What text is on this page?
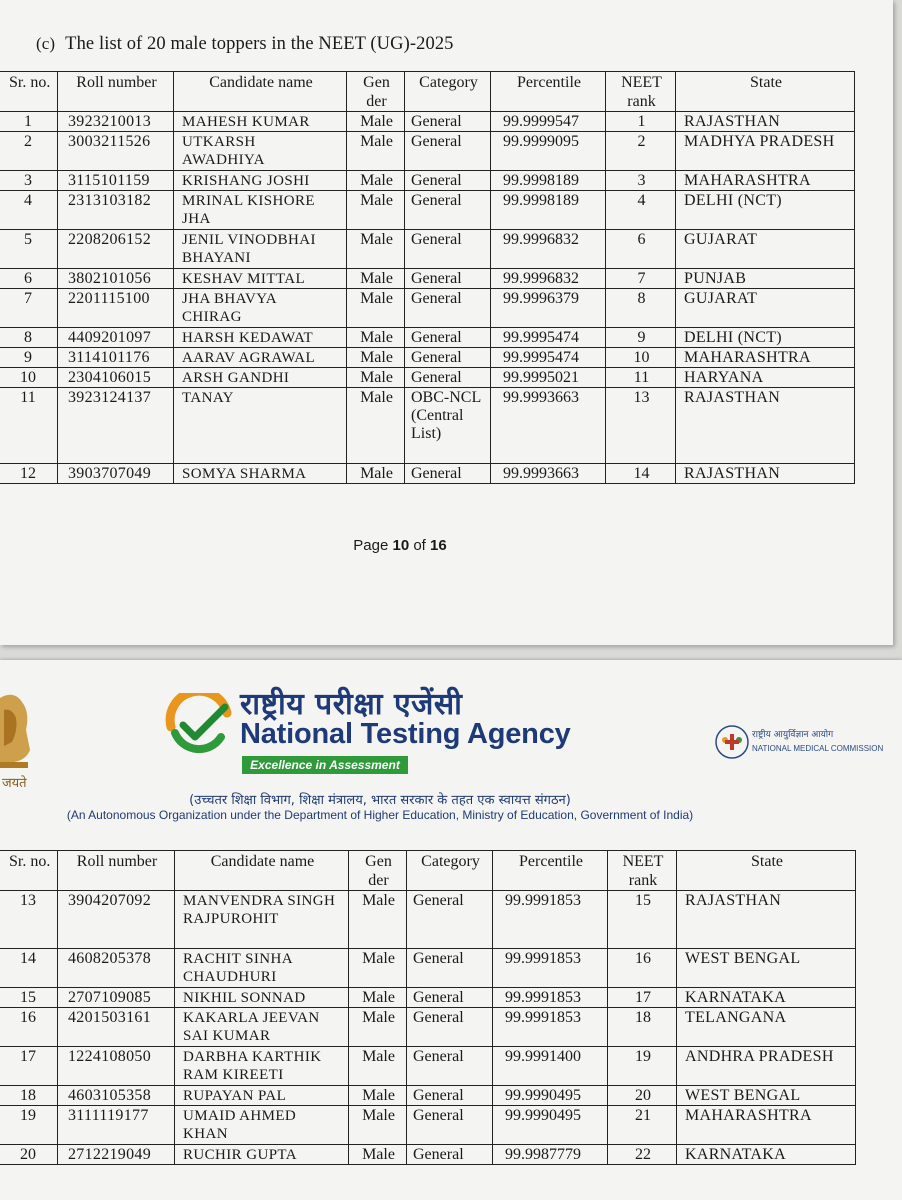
(c) The list of 20 male toppers in the NEET (UG)-2025
Sr. no.	Roll number	Candidate name	Gen der	Category	Percentile	NEET rank	State
1	3923210013	MAHESH KUMAR	Male	General	99.9999547	1	RAJASTHAN
2	3003211526	UTKARSH AWADHIYA	Male	General	99.9999095	2	MADHYA PRADESH
3	3115101159	KRISHANG JOSHI	Male	General	99.9998189	3	MAHARASHTRA
4	2313103182	MRINAL KISHORE JHA	Male	General	99.9998189	4	DELHI (NCT)
5	2208206152	JENIL VINODBHAI BHAYANI	Male	General	99.9996832	6	GUJARAT
6	3802101056	KESHAV MITTAL	Male	General	99.9996832	7	PUNJAB
7	2201115100	JHA BHAVYA CHIRAG	Male	General	99.9996379	8	GUJARAT
8	4409201097	HARSH KEDAWAT	Male	General	99.9995474	9	DELHI (NCT)
9	3114101176	AARAV AGRAWAL	Male	General	99.9995474	10	MAHARASHTRA
10	2304106015	ARSH GANDHI	Male	General	99.9995021	11	HARYANA
11	3923124137	TANAY	Male	OBC-NCL (Central List)	99.9993663	13	RAJASTHAN
12	3903707049	SOMYA SHARMA	Male	General	99.9993663	14	RAJASTHAN
Page 10 of 16
जयते
राष्ट्रीय परीक्षा एजेंसी
National Testing Agency
Excellence in Assessment
राष्ट्रीय आयुर्विज्ञान आयोग
NATIONAL MEDICAL COMMISSION
(उच्चतर शिक्षा विभाग, शिक्षा मंत्रालय, भारत सरकार के तहत एक स्वायत्त संगठन)
(An Autonomous Organization under the Department of Higher Education, Ministry of Education, Government of India)
Sr. no.	Roll number	Candidate name	Gen der	Category	Percentile	NEET rank	State
13	3904207092	MANVENDRA SINGH RAJPUROHIT	Male	General	99.9991853	15	RAJASTHAN
14	4608205378	RACHIT SINHA CHAUDHURI	Male	General	99.9991853	16	WEST BENGAL
15	2707109085	NIKHIL SONNAD	Male	General	99.9991853	17	KARNATAKA
16	4201503161	KAKARLA JEEVAN SAI KUMAR	Male	General	99.9991853	18	TELANGANA
17	1224108050	DARBHA KARTHIK RAM KIREETI	Male	General	99.9991400	19	ANDHRA PRADESH
18	4603105358	RUPAYAN PAL	Male	General	99.9990495	20	WEST BENGAL
19	3111119177	UMAID AHMED KHAN	Male	General	99.9990495	21	MAHARASHTRA
20	2712219049	RUCHIR GUPTA	Male	General	99.9987779	22	KARNATAKA
